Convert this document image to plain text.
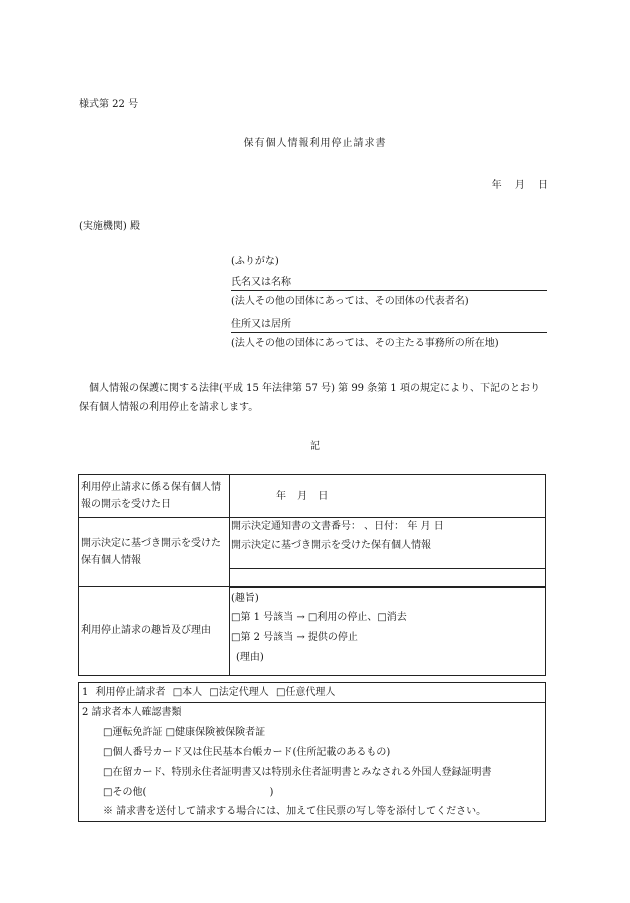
様式第 22 号
保有個人情報利用停止請求書
年 月 日
(実施機関) 殿
(ふりがな)
氏名又は名称
(法人その他の団体にあっては、その団体の代表者名)
住所又は居所
(法人その他の団体にあっては、その主たる事務所の所在地)
個人情報の保護に関する法律(平成 15 年法律第 57 号) 第 99 条第 1 項の規定により、下記のとおり保有個人情報の利用停止を請求します。
記
利用停止請求に係る保有個人情報の開示を受けた日	年 月 日
開示決定に基づき開示を受けた保有個人情報	開示決定通知書の文書番号： 、日付： 年 月 日
開示決定に基づき開示を受けた保有個人情報

利用停止請求の趣旨及び理由	(趣旨)
□第 1 号該当 → □利用の停止、□消去
□第 2 号該当 → 提供の停止
(理由)
1 利用停止請求者 □本人 □法定代理人 □任意代理人

2 請求者本人確認書類
□運転免許証 □健康保険被保険者証
□個人番号カード又は住民基本台帳カード(住所記載のあるもの)
□在留カード、特別永住者証明書又は特別永住者証明書とみなされる外国人登録証明書
□その他( )
※ 請求書を送付して請求する場合には、加えて住民票の写し等を添付してください。
